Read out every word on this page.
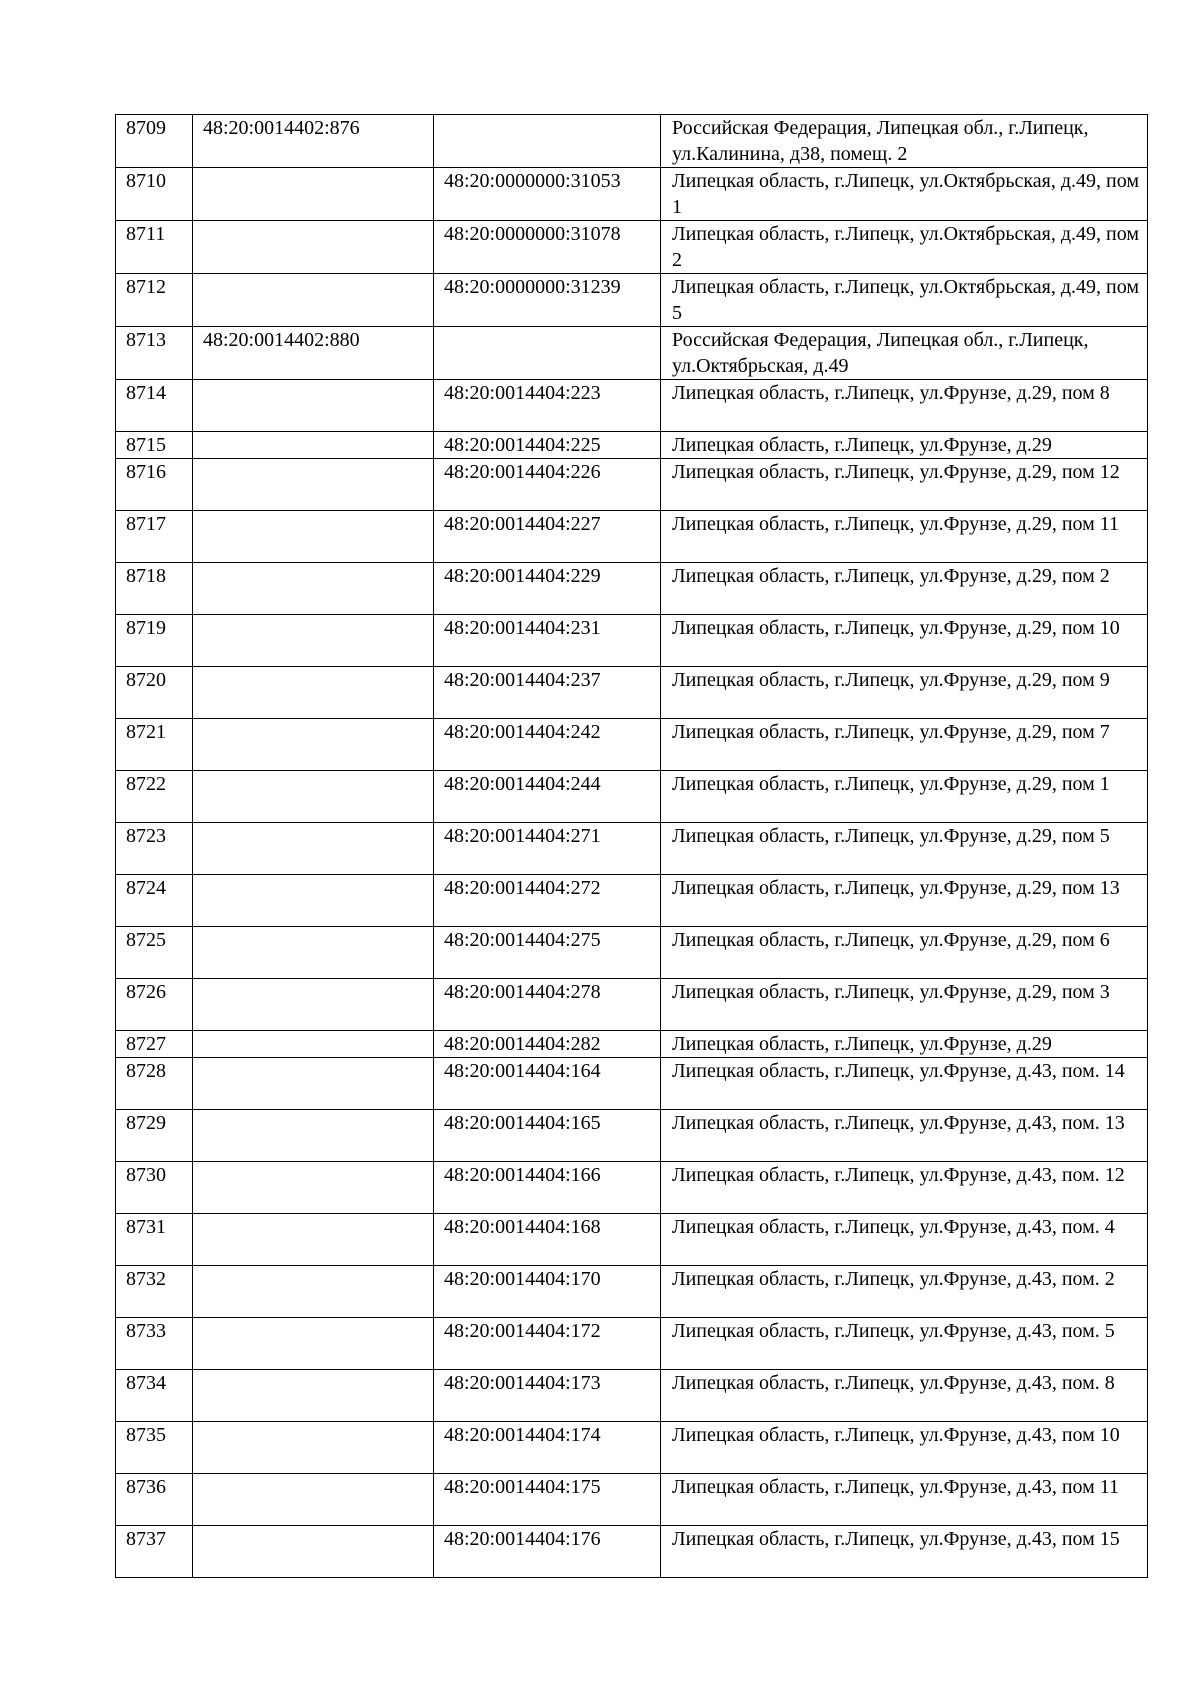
8709	48:20:0014402:876		Российская Федерация, Липецкая обл., г.Липецк, ул.Калинина, д38, помещ. 2
8710		48:20:0000000:31053	Липецкая область, г.Липецк, ул.Октябрьская, д.49, пом 1
8711		48:20:0000000:31078	Липецкая область, г.Липецк, ул.Октябрьская, д.49, пом 2
8712		48:20:0000000:31239	Липецкая область, г.Липецк, ул.Октябрьская, д.49, пом 5
8713	48:20:0014402:880		Российская Федерация, Липецкая обл., г.Липецк, ул.Октябрьская, д.49
8714		48:20:0014404:223	Липецкая область, г.Липецк, ул.Фрунзе, д.29, пом 8
8715		48:20:0014404:225	Липецкая область, г.Липецк, ул.Фрунзе, д.29
8716		48:20:0014404:226	Липецкая область, г.Липецк, ул.Фрунзе, д.29, пом 12
8717		48:20:0014404:227	Липецкая область, г.Липецк, ул.Фрунзе, д.29, пом 11
8718		48:20:0014404:229	Липецкая область, г.Липецк, ул.Фрунзе, д.29, пом 2
8719		48:20:0014404:231	Липецкая область, г.Липецк, ул.Фрунзе, д.29, пом 10
8720		48:20:0014404:237	Липецкая область, г.Липецк, ул.Фрунзе, д.29, пом 9
8721		48:20:0014404:242	Липецкая область, г.Липецк, ул.Фрунзе, д.29, пом 7
8722		48:20:0014404:244	Липецкая область, г.Липецк, ул.Фрунзе, д.29, пом 1
8723		48:20:0014404:271	Липецкая область, г.Липецк, ул.Фрунзе, д.29, пом 5
8724		48:20:0014404:272	Липецкая область, г.Липецк, ул.Фрунзе, д.29, пом 13
8725		48:20:0014404:275	Липецкая область, г.Липецк, ул.Фрунзе, д.29, пом 6
8726		48:20:0014404:278	Липецкая область, г.Липецк, ул.Фрунзе, д.29, пом 3
8727		48:20:0014404:282	Липецкая область, г.Липецк, ул.Фрунзе, д.29
8728		48:20:0014404:164	Липецкая область, г.Липецк, ул.Фрунзе, д.43, пом. 14
8729		48:20:0014404:165	Липецкая область, г.Липецк, ул.Фрунзе, д.43, пом. 13
8730		48:20:0014404:166	Липецкая область, г.Липецк, ул.Фрунзе, д.43, пом. 12
8731		48:20:0014404:168	Липецкая область, г.Липецк, ул.Фрунзе, д.43, пом. 4
8732		48:20:0014404:170	Липецкая область, г.Липецк, ул.Фрунзе, д.43, пом. 2
8733		48:20:0014404:172	Липецкая область, г.Липецк, ул.Фрунзе, д.43, пом. 5
8734		48:20:0014404:173	Липецкая область, г.Липецк, ул.Фрунзе, д.43, пом. 8
8735		48:20:0014404:174	Липецкая область, г.Липецк, ул.Фрунзе, д.43, пом 10
8736		48:20:0014404:175	Липецкая область, г.Липецк, ул.Фрунзе, д.43, пом 11
8737		48:20:0014404:176	Липецкая область, г.Липецк, ул.Фрунзе, д.43, пом 15
